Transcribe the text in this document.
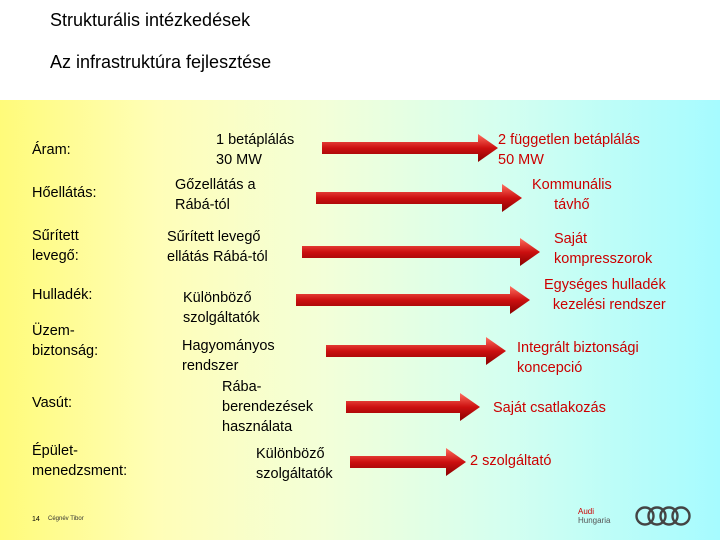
Strukturális intézkedések
Az infrastruktúra fejlesztése
Áram:
Hőellátás:
Sűrített
levegő:
Hulladék:
Üzem-
biztonság:
Vasút:
Épület-
menedzsment:
1 betáplálás
30 MW
Gőzellátás a
Rábá-tól
Sűrített levegő
ellátás Rábá-tól
Különböző
szolgáltatók
Hagyományos
rendszer
Rába-
berendezések
használata
Különböző
szolgáltatók
2 független betáplálás
50 MW
Kommunális
távhő
Saját
kompresszorok
Egységes hulladék
kezelési rendszer
Integrált biztonsági
koncepció
Saját csatlakozás
2 szolgáltató
14 Cégnév Tibor
Audi
Hungaria
